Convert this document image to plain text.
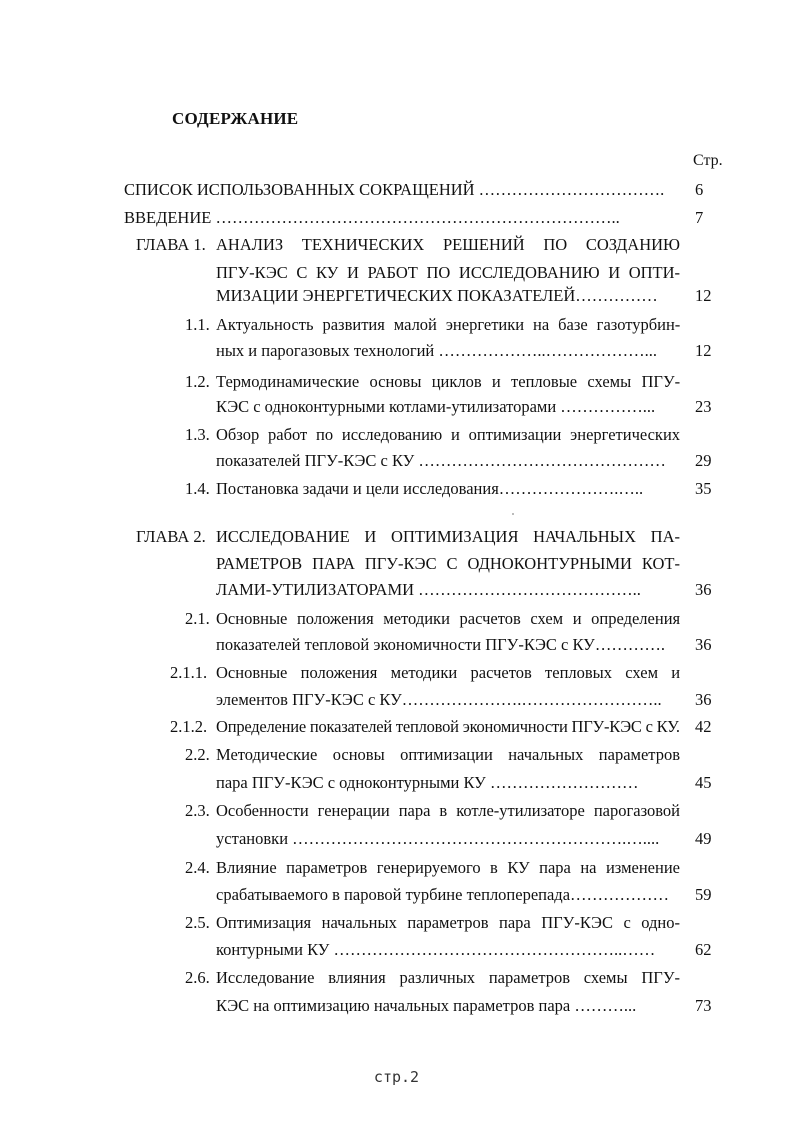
СОДЕРЖАНИЕ
Стр.
СПИСОК ИСПОЛЬЗОВАННЫХ СОКРАЩЕНИЙ …………………………….	6
ВВЕДЕНИЕ ………………………………………………………………..	7
ГЛАВА 1. АНАЛИЗ ТЕХНИЧЕСКИХ РЕШЕНИЙ ПО СОЗДАНИЮ
ПГУ-КЭС С КУ И РАБОТ ПО ИССЛЕДОВАНИЮ И ОПТИ-
МИЗАЦИИ ЭНЕРГЕТИЧЕСКИХ ПОКАЗАТЕЛЕЙ……………	12
1.1. Актуальность развития малой энергетики на базе газотурбин-
ных и парогазовых технологий ………………..………………...	12
1.2. Термодинамические основы циклов и тепловые схемы ПГУ-
КЭС с одноконтурными котлами-утилизаторами ……………...	23
1.3. Обзор работ по исследованию и оптимизации энергетических
показателей ПГУ-КЭС с КУ ………………………………………	29
1.4. Постановка задачи и цели исследования………………….…..	35
ГЛАВА 2. ИССЛЕДОВАНИЕ И ОПТИМИЗАЦИЯ НАЧАЛЬНЫХ ПА-
РАМЕТРОВ ПАРА ПГУ-КЭС С ОДНОКОНТУРНЫМИ КОТ-
ЛАМИ-УТИЛИЗАТОРАМИ …………………………………..	36
2.1. Основные положения методики расчетов схем и определения
показателей тепловой экономичности ПГУ-КЭС с КУ………….	36
2.1.1. Основные положения методики расчетов тепловых схем и
элементов ПГУ-КЭС с КУ………………….……………………..	36
2.1.2. Определение показателей тепловой экономичности ПГУ-КЭС с КУ. 42
2.2. Методические основы оптимизации начальных параметров
пара ПГУ-КЭС с одноконтурными КУ ………………………	45
2.3. Особенности генерации пара в котле-утилизаторе парогазовой
установки …………………………………………………….…....	49
2.4. Влияние параметров генерируемого в КУ пара на изменение
срабатываемого в паровой турбине теплоперепада………………	59
2.5. Оптимизация начальных параметров пара ПГУ-КЭС с одно-
контурными КУ ……………………………………………..……	62
2.6. Исследование влияния различных параметров схемы ПГУ-
КЭС на оптимизацию начальных параметров пара ………...	73
стр.2
